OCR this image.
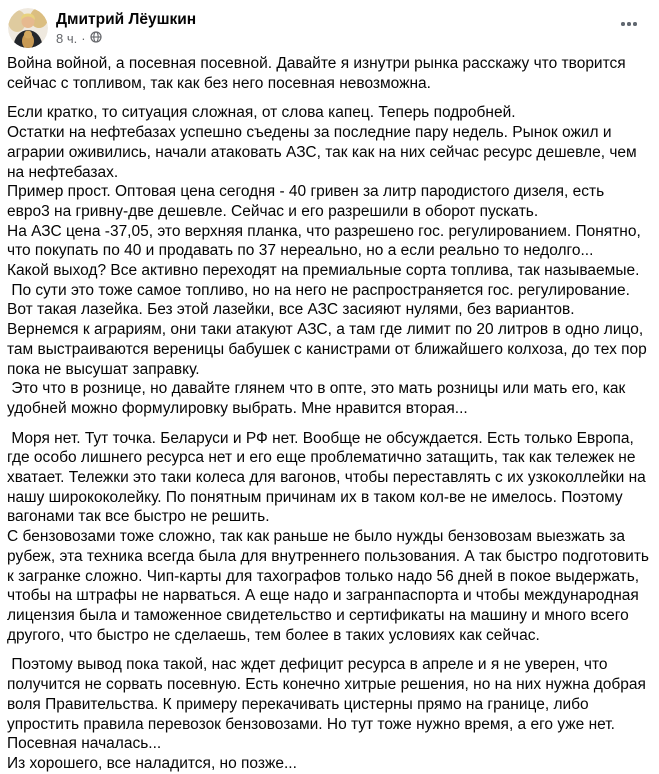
Дмитрий Лёушкин
8 ч. ·
Война войной, а посевная посевной. Давайте я изнутри рынка расскажу что творится сейчас с топливом, так как без него посевная невозможна.
Если кратко, то ситуация сложная, от слова капец. Теперь подробней.
Остатки на нефтебазах успешно съедены за последние пару недель. Рынок ожил и аграрии оживились, начали атаковать АЗС, так как на них сейчас ресурс дешевле, чем на нефтебазах.
Пример прост. Оптовая цена сегодня - 40 гривен за литр пародистого дизеля, есть евро3 на гривну-две дешевле. Сейчас и его разрешили в оборот пускать.
На АЗС цена -37,05, это верхняя планка, что разрешено гос. регулированием. Понятно, что покупать по 40 и продавать по 37 нереально, но а если реально то недолго...
Какой выход? Все активно переходят на премиальные сорта топлива, так называемые.
По сути это тоже самое топливо, но на него не распространяется гос. регулирование. Вот такая лазейка. Без этой лазейки, все АЗС засияют нулями, без вариантов.
Вернемся к аграриям, они таки атакуют АЗС, а там где лимит по 20 литров в одно лицо, там выстраиваются вереницы бабушек с канистрами от ближайшего колхоза, до тех пор пока не высушат заправку.
Это что в рознице, но давайте глянем что в опте, это мать розницы или мать его, как удобней можно формулировку выбрать. Мне нравится вторая...
Моря нет. Тут точка. Беларуси и РФ нет. Вообще не обсуждается. Есть только Европа, где особо лишнего ресурса нет и его еще проблематично затащить, так как тележек не хватает. Тележки это таки колеса для вагонов, чтобы переставлять с их узкоколлейки на нашу ширококолейку. По понятным причинам их в таком кол-ве не имелось. Поэтому вагонами так все быстро не решить.
С бензовозами тоже сложно, так как раньше не было нужды бензовозам выезжать за рубеж, эта техника всегда была для внутреннего пользования. А так быстро подготовить к загранке сложно. Чип-карты для тахографов только надо 56 дней в покое выдержать, чтобы на штрафы не нарваться. А еще надо и загранпаспорта и чтобы международная лицензия была и таможенное свидетельство и сертификаты на машину и много всего другого, что быстро не сделаешь, тем более в таких условиях как сейчас.
Поэтому вывод пока такой, нас ждет дефицит ресурса в апреле и я не уверен, что получится не сорвать посевную. Есть конечно хитрые решения, но на них нужна добрая воля Правительства. К примеру перекачивать цистерны прямо на границе, либо упростить правила перевозок бензовозами. Но тут тоже нужно время, а его уже нет. Посевная началась...
Из хорошего, все наладится, но позже...
